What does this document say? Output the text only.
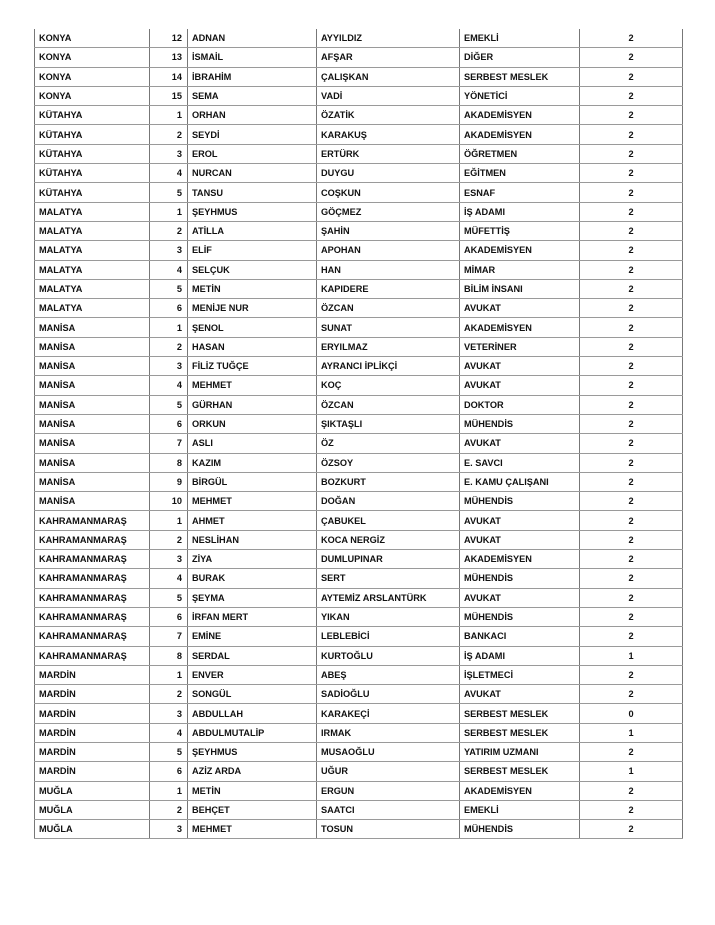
KONYA	12	ADNAN	AYYILDIZ	EMEKLİ	2
KONYA	13	İSMAİL	AFŞAR	DİĞER	2
KONYA	14	İBRAHİM	ÇALIŞKAN	SERBEST MESLEK	2
KONYA	15	SEMA	VADİ	YÖNETİCİ	2
KÜTAHYA	1	ORHAN	ÖZATİK	AKADEMİSYEN	2
KÜTAHYA	2	SEYDİ	KARAKUŞ	AKADEMİSYEN	2
KÜTAHYA	3	EROL	ERTÜRK	ÖĞRETMEN	2
KÜTAHYA	4	NURCAN	DUYGU	EĞİTMEN	2
KÜTAHYA	5	TANSU	COŞKUN	ESNAF	2
MALATYA	1	ŞEYHMUS	GÖÇMEZ	İŞ ADAMI	2
MALATYA	2	ATİLLA	ŞAHİN	MÜFETTİŞ	2
MALATYA	3	ELİF	APOHAN	AKADEMİSYEN	2
MALATYA	4	SELÇUK	HAN	MİMAR	2
MALATYA	5	METİN	KAPIDERE	BİLİM İNSANI	2
MALATYA	6	MENİJE NUR	ÖZCAN	AVUKAT	2
MANİSA	1	ŞENOL	SUNAT	AKADEMİSYEN	2
MANİSA	2	HASAN	ERYILMAZ	VETERİNER	2
MANİSA	3	FİLİZ TUĞÇE	AYRANCI İPLİKÇİ	AVUKAT	2
MANİSA	4	MEHMET	KOÇ	AVUKAT	2
MANİSA	5	GÜRHAN	ÖZCAN	DOKTOR	2
MANİSA	6	ORKUN	ŞIKTAŞLI	MÜHENDİS	2
MANİSA	7	ASLI	ÖZ	AVUKAT	2
MANİSA	8	KAZIM	ÖZSOY	E. SAVCI	2
MANİSA	9	BİRGÜL	BOZKURT	E. KAMU ÇALIŞANI	2
MANİSA	10	MEHMET	DOĞAN	MÜHENDİS	2
KAHRAMANMARAŞ	1	AHMET	ÇABUKEL	AVUKAT	2
KAHRAMANMARAŞ	2	NESLİHAN	KOCA NERGİZ	AVUKAT	2
KAHRAMANMARAŞ	3	ZİYA	DUMLUPINAR	AKADEMİSYEN	2
KAHRAMANMARAŞ	4	BURAK	SERT	MÜHENDİS	2
KAHRAMANMARAŞ	5	ŞEYMA	AYTEMİZ ARSLANTÜRK	AVUKAT	2
KAHRAMANMARAŞ	6	İRFAN MERT	YIKAN	MÜHENDİS	2
KAHRAMANMARAŞ	7	EMİNE	LEBLEBİCİ	BANKACI	2
KAHRAMANMARAŞ	8	SERDAL	KURTOĞLU	İŞ ADAMI	1
MARDİN	1	ENVER	ABEŞ	İŞLETMECİ	2
MARDİN	2	SONGÜL	SADİOĞLU	AVUKAT	2
MARDİN	3	ABDULLAH	KARAKEÇİ	SERBEST MESLEK	0
MARDİN	4	ABDULMUTALİP	IRMAK	SERBEST MESLEK	1
MARDİN	5	ŞEYHMUS	MUSAOĞLU	YATIRIM UZMANI	2
MARDİN	6	AZİZ ARDA	UĞUR	SERBEST MESLEK	1
MUĞLA	1	METİN	ERGUN	AKADEMİSYEN	2
MUĞLA	2	BEHÇET	SAATCI	EMEKLİ	2
MUĞLA	3	MEHMET	TOSUN	MÜHENDİS	2
